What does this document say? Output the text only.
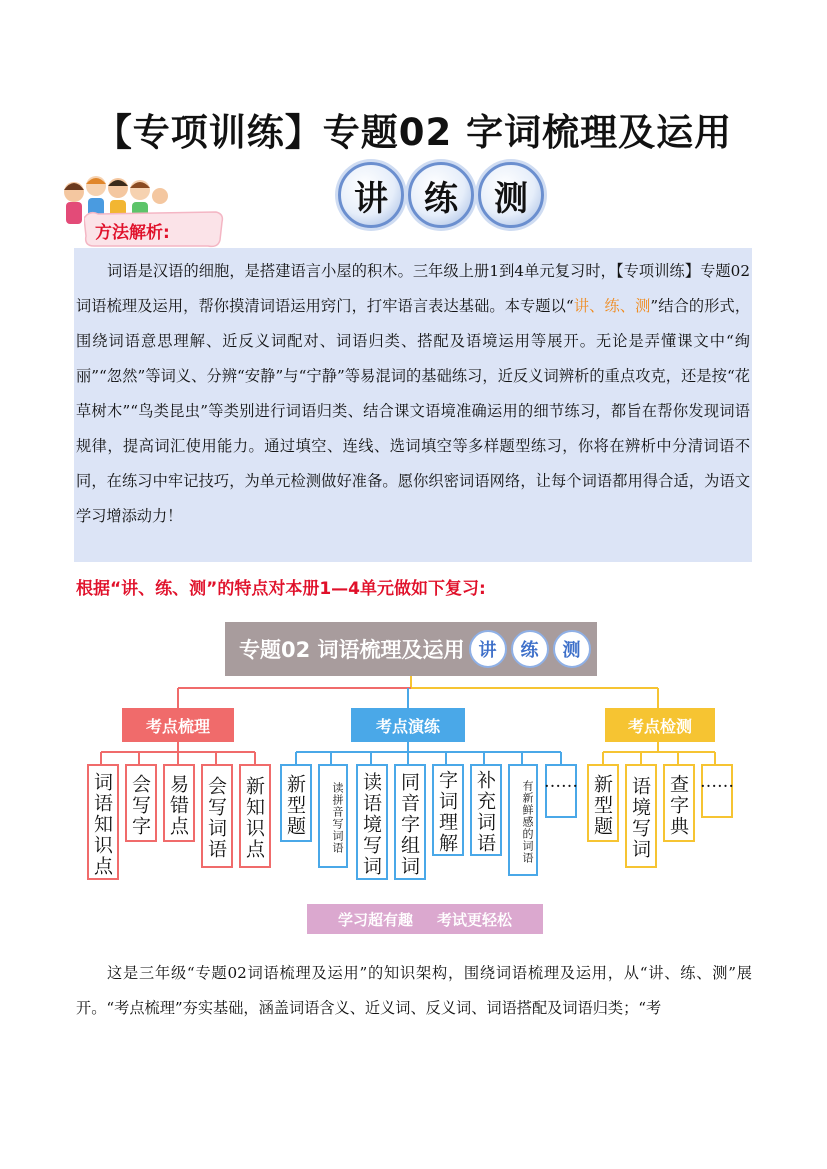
【专项训练】专题02 字词梳理及运用
讲	练	测
方法解析:

词语是汉语的细胞，是搭建语言小屋的积木。三年级上册1到4单元复习时，【专项训练】专题02词语梳理及运用，帮你摸清词语运用窍门，打牢语言表达基础。本专题以“讲、练、测”结合的形式，围绕词语意思理解、近反义词配对、词语归类、搭配及语境运用等展开。无论是弄懂课文中“绚丽”“忽然”等词义、分辨“安静”与“宁静”等易混词的基础练习，近反义词辨析的重点攻克，还是按“花草树木”“鸟类昆虫”等类别进行词语归类、结合课文语境准确运用的细节练习，都旨在帮你发现词语规律，提高词汇使用能力。通过填空、连线、选词填空等多样题型练习，你将在辨析中分清词语不同，在练习中牢记技巧，为单元检测做好准备。愿你织密词语网络，让每个词语都用得合适，为语文学习增添动力！

根据“讲、练、测”的特点对本册1—4单元做如下复习:
专题02 词语梳理及运用 讲	练	测
考点梳理	考点演练	考点检测
词语知识点 会写字 易错点 会写词语 新知识点	新型题	读拼音写词语 读语境写词 同音字组词 字词理解 补充词语	有新鲜感的词语 …… 新型题 语境写词 查字典 ……
学习超有趣 考试更轻松

这是三年级“专题02词语梳理及运用”的知识架构，围绕词语梳理及运用，从“讲、练、测”展开。“考点梳理”夯实基础，涵盖词语含义、近义词、反义词、词语搭配及词语归类；“考
